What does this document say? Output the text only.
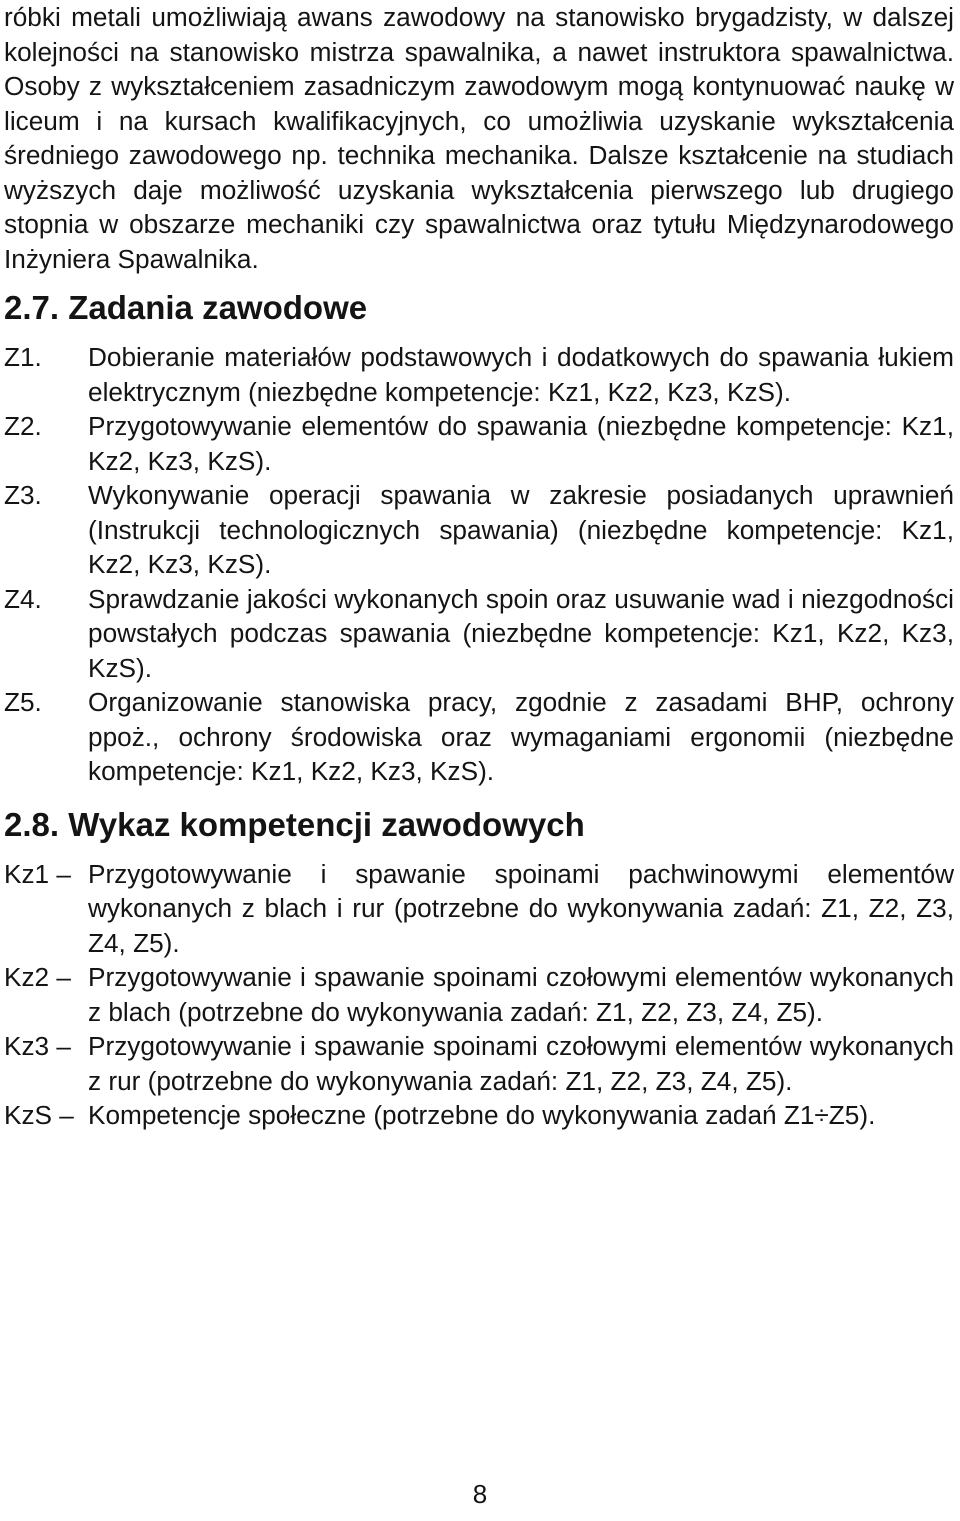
róbki metali umożliwiają awans zawodowy na stanowisko brygadzisty, w dalszej kolejności na stanowisko mistrza spawalnika, a nawet instruktora spawalnictwa. Osoby z wykształceniem zasadniczym zawodowym mogą kontynuować naukę w liceum i na kursach kwalifikacyjnych, co umożliwia uzyskanie wykształcenia średniego zawodowego np. technika mechanika. Dalsze kształcenie na studiach wyższych daje możliwość uzyskania wykształcenia pierwszego lub drugiego stopnia w obszarze mechaniki czy spawalnictwa oraz tytułu Międzynarodowego Inżyniera Spawalnika.

2.7. Zadania zawodowe
Z1.	Dobieranie materiałów podstawowych i dodatkowych do spawania łukiem elektrycznym (niezbędne kompetencje: Kz1, Kz2, Kz3, KzS).
Z2.	Przygotowywanie elementów do spawania (niezbędne kompetencje: Kz1, Kz2, Kz3, KzS).
Z3.	Wykonywanie operacji spawania w zakresie posiadanych uprawnień (Instrukcji technologicznych spawania) (niezbędne kompetencje: Kz1, Kz2, Kz3, KzS).
Z4.	Sprawdzanie jakości wykonanych spoin oraz usuwanie wad i niezgodności powstałych podczas spawania (niezbędne kompetencje: Kz1, Kz2, Kz3, KzS).
Z5.	Organizowanie stanowiska pracy, zgodnie z zasadami BHP, ochrony ppoż., ochrony środowiska oraz wymaganiami ergonomii (niezbędne kompetencje: Kz1, Kz2, Kz3, KzS).
2.8. Wykaz kompetencji zawodowych
Kz1 – Przygotowywanie i spawanie spoinami pachwinowymi elementów wykonanych z blach i rur (potrzebne do wykonywania zadań: Z1, Z2, Z3, Z4, Z5).
Kz2 – Przygotowywanie i spawanie spoinami czołowymi elementów wykonanych z blach (potrzebne do wykonywania zadań: Z1, Z2, Z3, Z4, Z5).
Kz3 – Przygotowywanie i spawanie spoinami czołowymi elementów wykonanych z rur (potrzebne do wykonywania zadań: Z1, Z2, Z3, Z4, Z5).
KzS – Kompetencje społeczne (potrzebne do wykonywania zadań Z1÷Z5).
8
